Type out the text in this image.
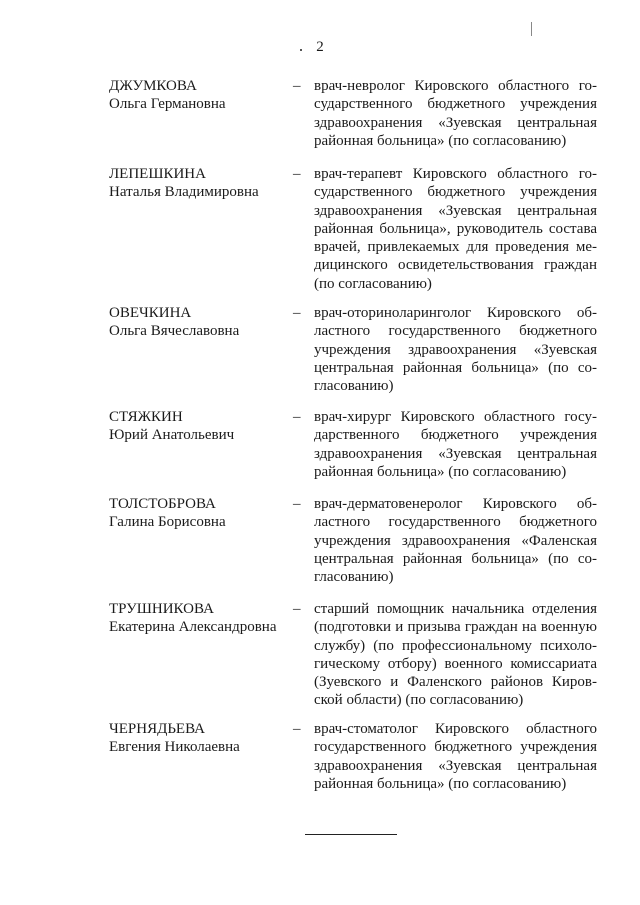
2
ДЖУМКОВА
Ольга Германовна
– врач-невролог Кировского областного го-
сударственного бюджетного учреждения
здравоохранения «Зуевская центральная
районная больница» (по согласованию)
ЛЕПЕШКИНА
Наталья Владимировна
– врач-терапевт Кировского областного го-
сударственного бюджетного учреждения
здравоохранения «Зуевская центральная
районная больница», руководитель состава
врачей, привлекаемых для проведения ме-
дицинского освидетельствования граждан
(по согласованию)
ОВЕЧКИНА
Ольга Вячеславовна
– врач-оториноларинголог Кировского об-
ластного государственного бюджетного
учреждения здравоохранения «Зуевская
центральная районная больница» (по со-
гласованию)
СТЯЖКИН
Юрий Анатольевич
– врач-хирург Кировского областного госу-
дарственного бюджетного учреждения
здравоохранения «Зуевская центральная
районная больница» (по согласованию)
ТОЛСТОБРОВА
Галина Борисовна
– врач-дерматовенеролог Кировского об-
ластного государственного бюджетного
учреждения здравоохранения «Фаленская
центральная районная больница» (по со-
гласованию)
ТРУШНИКОВА
Екатерина Александровна
– старший помощник начальника отделения
(подготовки и призыва граждан на военную
службу) (по профессиональному психоло-
гическому отбору) военного комиссариата
(Зуевского и Фаленского районов Киров-
ской области) (по согласованию)
ЧЕРНЯДЬЕВА
Евгения Николаевна
– врач-стоматолог Кировского областного
государственного бюджетного учреждения
здравоохранения «Зуевская центральная
районная больница» (по согласованию)
